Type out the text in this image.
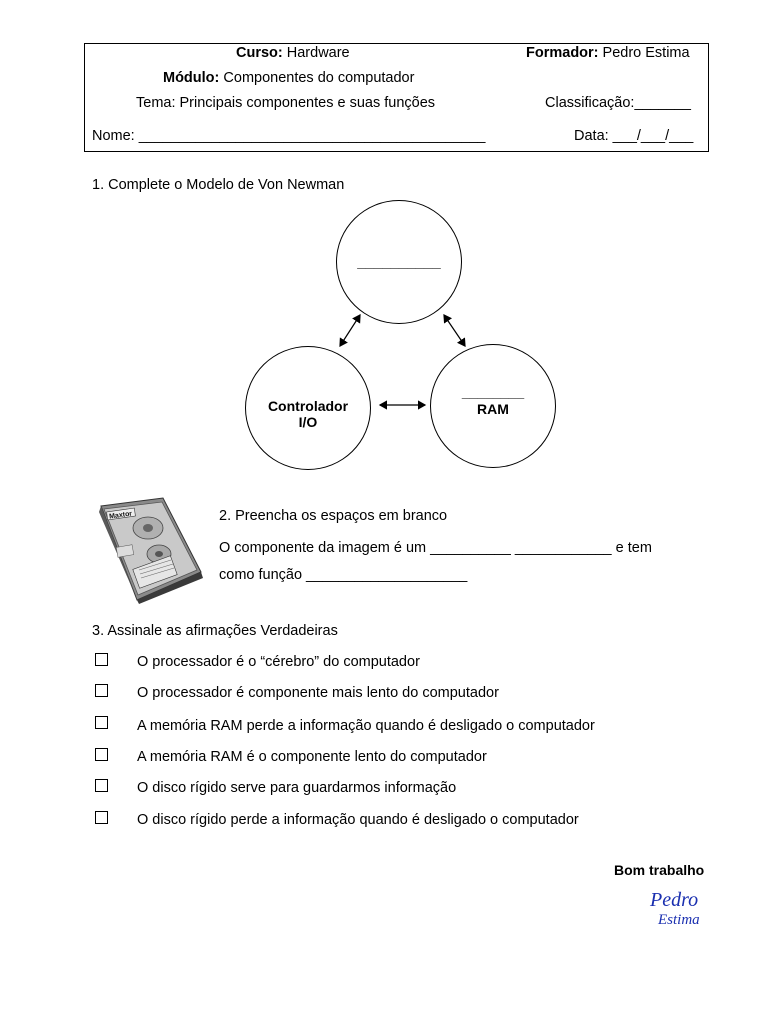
Curso: Hardware	Formador: Pedro Estima
Módulo: Componentes do computador
Tema: Principais componentes e suas funções	Classificação:_______
Nome: ___________________________________________	Data: ___/___/___
1. Complete o Modelo de Von Newman
__________
Controlador
I/O
________
RAM
Maxtor	2. Preencha os espaços em branco
O componente da imagem é um __________ ____________ e tem
como função ____________________
3. Assinale as afirmações Verdadeiras
O processador é o “cérebro” do computador
O processador é componente mais lento do computador
A memória RAM perde a informação quando é desligado o computador
A memória RAM é o componente lento do computador
O disco rígido serve para guardarmos informação
O disco rígido perde a informação quando é desligado o computador
Bom trabalho
Pedro
Estima
